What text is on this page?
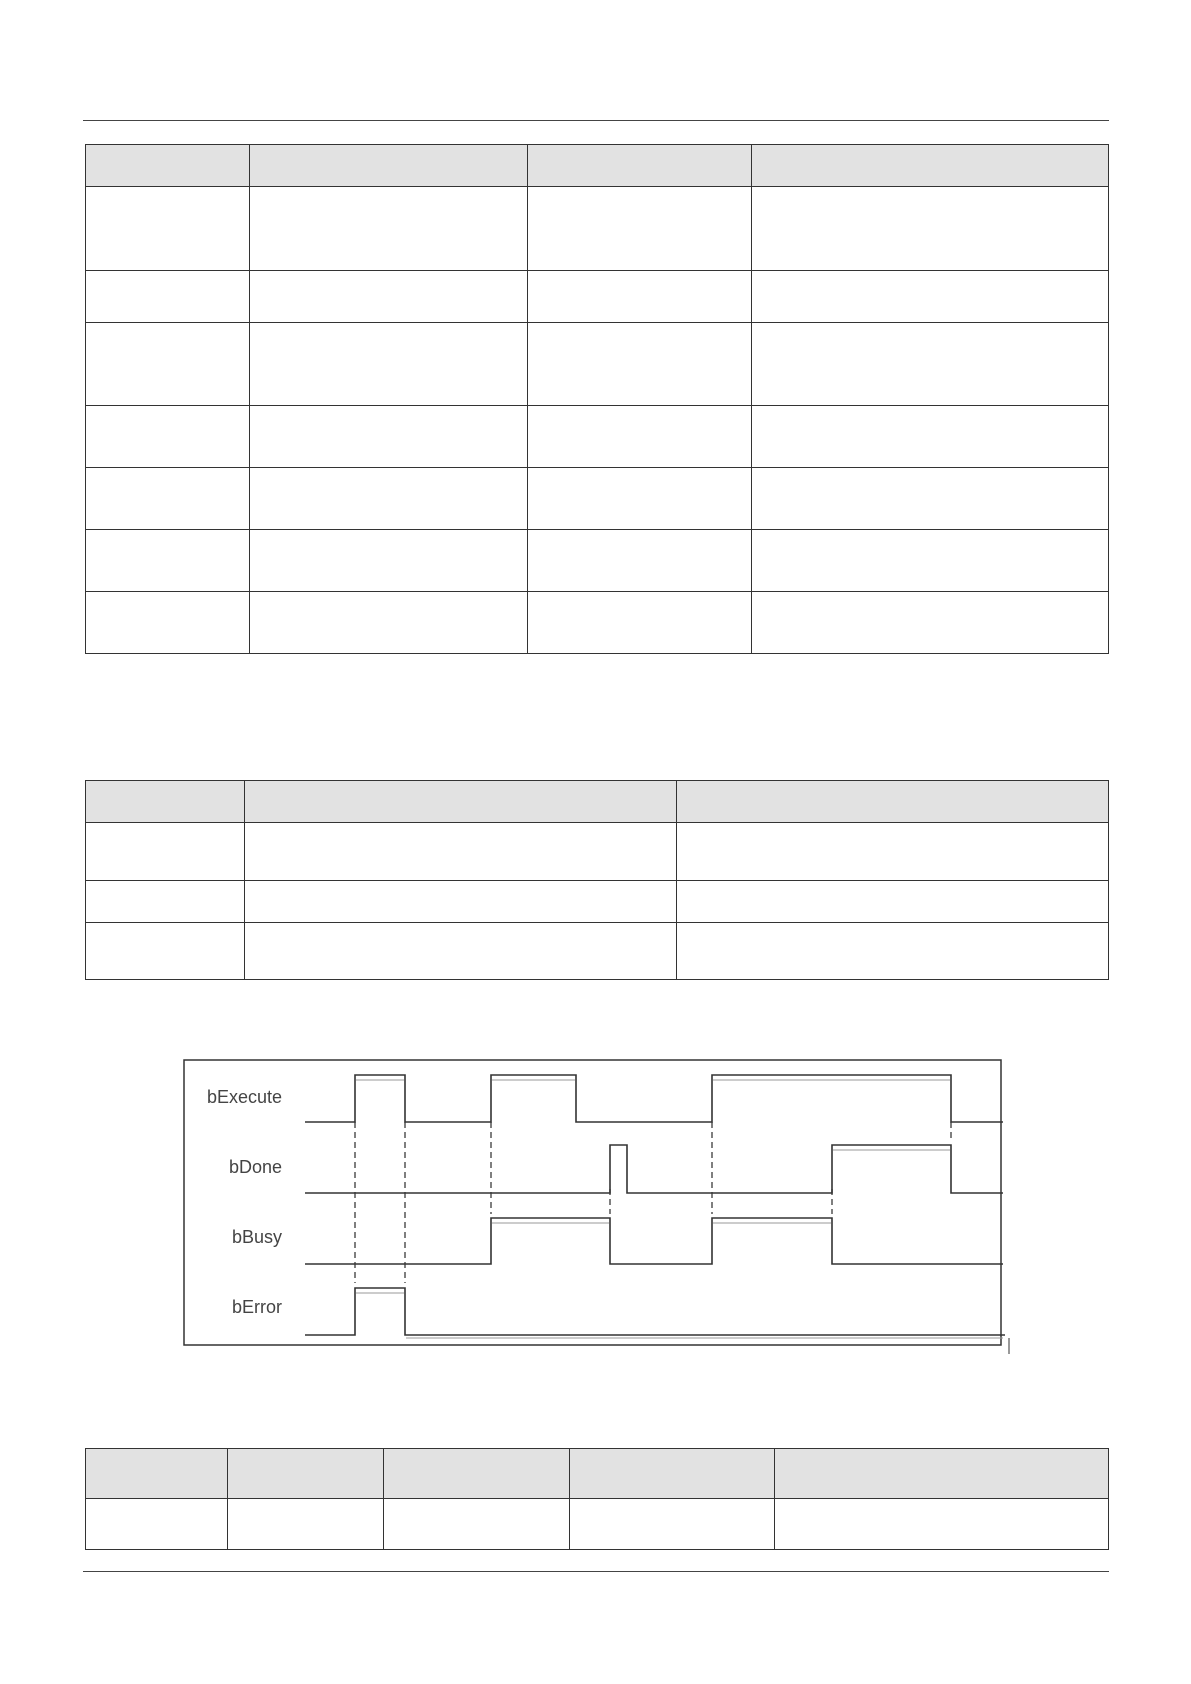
bExecute
bDone
bBusy
bError
